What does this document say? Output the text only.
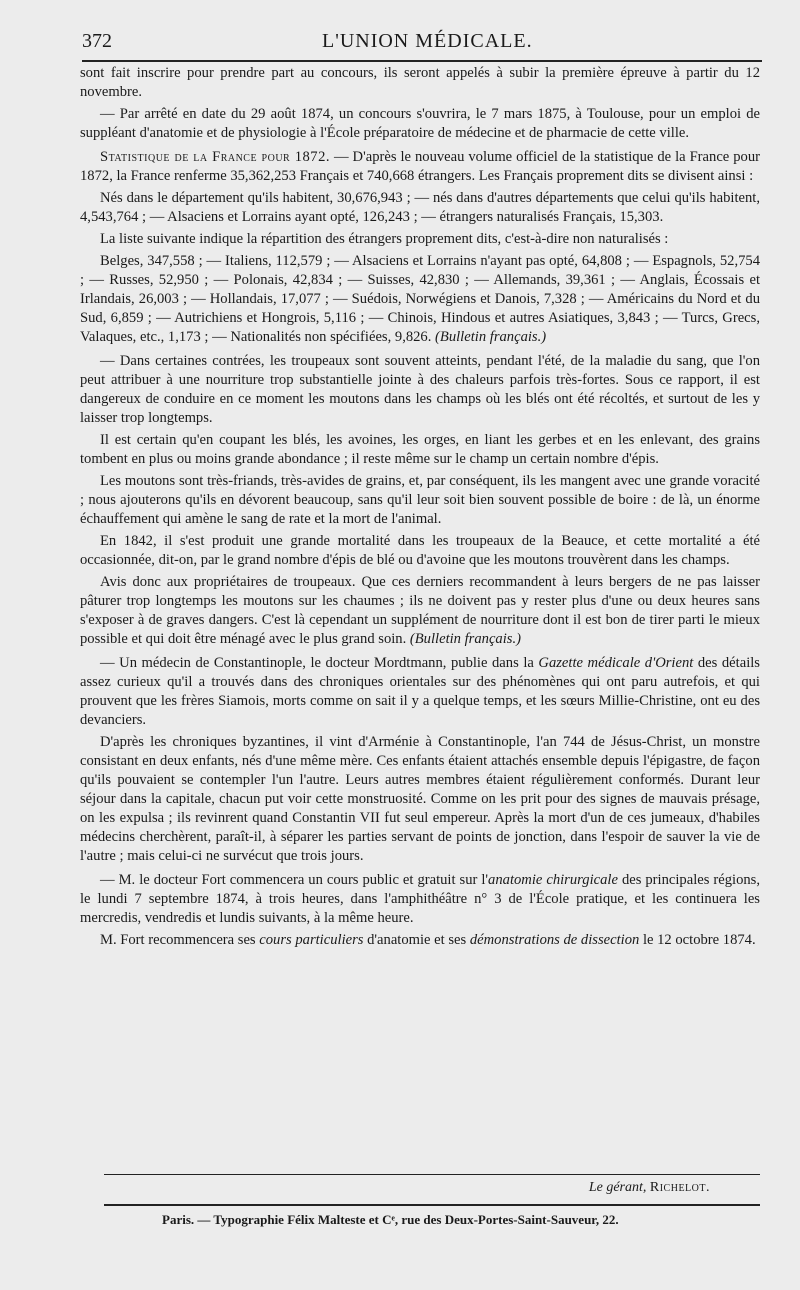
372	L'UNION MÉDICALE.

sont fait inscrire pour prendre part au concours, ils seront appelés à subir la première épreuve à partir du 12 novembre.

— Par arrêté en date du 29 août 1874, un concours s'ouvrira, le 7 mars 1875, à Toulouse, pour un emploi de suppléant d'anatomie et de physiologie à l'École préparatoire de médecine et de pharmacie de cette ville.

Statistique de la France pour 1872. — D'après le nouveau volume officiel de la statistique de la France pour 1872, la France renferme 35,362,253 Français et 740,668 étrangers. Les Français proprement dits se divisent ainsi :

Nés dans le département qu'ils habitent, 30,676,943 ; — nés dans d'autres départements que celui qu'ils habitent, 4,543,764 ; — Alsaciens et Lorrains ayant opté, 126,243 ; — étrangers naturalisés Français, 15,303.

La liste suivante indique la répartition des étrangers proprement dits, c'est-à-dire non naturalisés :

Belges, 347,558 ; — Italiens, 112,579 ; — Alsaciens et Lorrains n'ayant pas opté, 64,808 ; — Espagnols, 52,754 ; — Russes, 52,950 ; — Polonais, 42,834 ; — Suisses, 42,830 ; — Allemands, 39,361 ; — Anglais, Écossais et Irlandais, 26,003 ; — Hollandais, 17,077 ; — Suédois, Norwégiens et Danois, 7,328 ; — Américains du Nord et du Sud, 6,859 ; — Autrichiens et Hongrois, 5,116 ; — Chinois, Hindous et autres Asiatiques, 3,843 ; — Turcs, Grecs, Valaques, etc., 1,173 ; — Nationalités non spécifiées, 9,826. (Bulletin français.)

— Dans certaines contrées, les troupeaux sont souvent atteints, pendant l'été, de la maladie du sang, que l'on peut attribuer à une nourriture trop substantielle jointe à des chaleurs parfois très-fortes. Sous ce rapport, il est dangereux de conduire en ce moment les moutons dans les champs où les blés ont été récoltés, et surtout de les y laisser trop longtemps.

Il est certain qu'en coupant les blés, les avoines, les orges, en liant les gerbes et en les enlevant, des grains tombent en plus ou moins grande abondance ; il reste même sur le champ un certain nombre d'épis.

Les moutons sont très-friands, très-avides de grains, et, par conséquent, ils les mangent avec une grande voracité ; nous ajouterons qu'ils en dévorent beaucoup, sans qu'il leur soit bien souvent possible de boire : de là, un énorme échauffement qui amène le sang de rate et la mort de l'animal.

En 1842, il s'est produit une grande mortalité dans les troupeaux de la Beauce, et cette mortalité a été occasionnée, dit-on, par le grand nombre d'épis de blé ou d'avoine que les moutons trouvèrent dans les champs.

Avis donc aux propriétaires de troupeaux. Que ces derniers recommandent à leurs bergers de ne pas laisser pâturer trop longtemps les moutons sur les chaumes ; ils ne doivent pas y rester plus d'une ou deux heures sans s'exposer à de graves dangers. C'est là cependant un supplément de nourriture dont il est bon de tirer parti le mieux possible et qui doit être ménagé avec le plus grand soin. (Bulletin français.)

— Un médecin de Constantinople, le docteur Mordtmann, publie dans la Gazette médicale d'Orient des détails assez curieux qu'il a trouvés dans des chroniques orientales sur des phénomènes qui ont paru autrefois, et qui prouvent que les frères Siamois, morts comme on sait il y a quelque temps, et les sœurs Millie-Christine, ont eu des devanciers.

D'après les chroniques byzantines, il vint d'Arménie à Constantinople, l'an 744 de Jésus-Christ, un monstre consistant en deux enfants, nés d'une même mère. Ces enfants étaient attachés ensemble depuis l'épigastre, de façon qu'ils pouvaient se contempler l'un l'autre. Leurs autres membres étaient régulièrement conformés. Durant leur séjour dans la capitale, chacun put voir cette monstruosité. Comme on les prit pour des signes de mauvais présage, on les expulsa ; ils revinrent quand Constantin VII fut seul empereur. Après la mort d'un de ces jumeaux, d'habiles médecins cherchèrent, paraît-il, à séparer les parties servant de points de jonction, dans l'espoir de sauver la vie de l'autre ; mais celui-ci ne survécut que trois jours.

— M. le docteur Fort commencera un cours public et gratuit sur l'anatomie chirurgicale des principales régions, le lundi 7 septembre 1874, à trois heures, dans l'amphithéâtre n° 3 de l'École pratique, et les continuera les mercredis, vendredis et lundis suivants, à la même heure.

M. Fort recommencera ses cours particuliers d'anatomie et ses démonstrations de dissection le 12 octobre 1874.

Le gérant, Richelot.
Paris. — Typographie Félix Malteste et Cᵉ, rue des Deux-Portes-Saint-Sauveur, 22.
